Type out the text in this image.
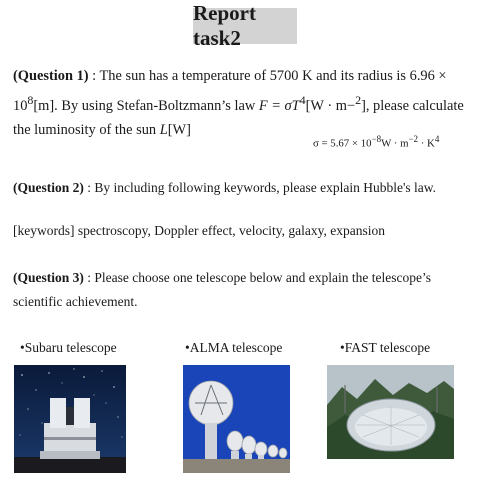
Report task2
(Question 1) : The sun has a temperature of 5700 K and its radius is $6.96 \times 10^8[m]$. By using Stefan-Boltzmann’s law $F = \sigma T^4[W \cdot m-^2]$, please calculate the luminosity of the sun L[W]
$\sigma = 5.67 \times 10^{-8}W \cdot m^{-2} \cdot K^4$
(Question 2) : By including following keywords, please explain Hubble's law.
[keywords] spectroscopy, Doppler effect, velocity, galaxy, expansion
(Question 3) : Please choose one telescope below and explain the telescope’s scientific achievement.
•Subaru telescope	•ALMA telescope	•FAST telescope
